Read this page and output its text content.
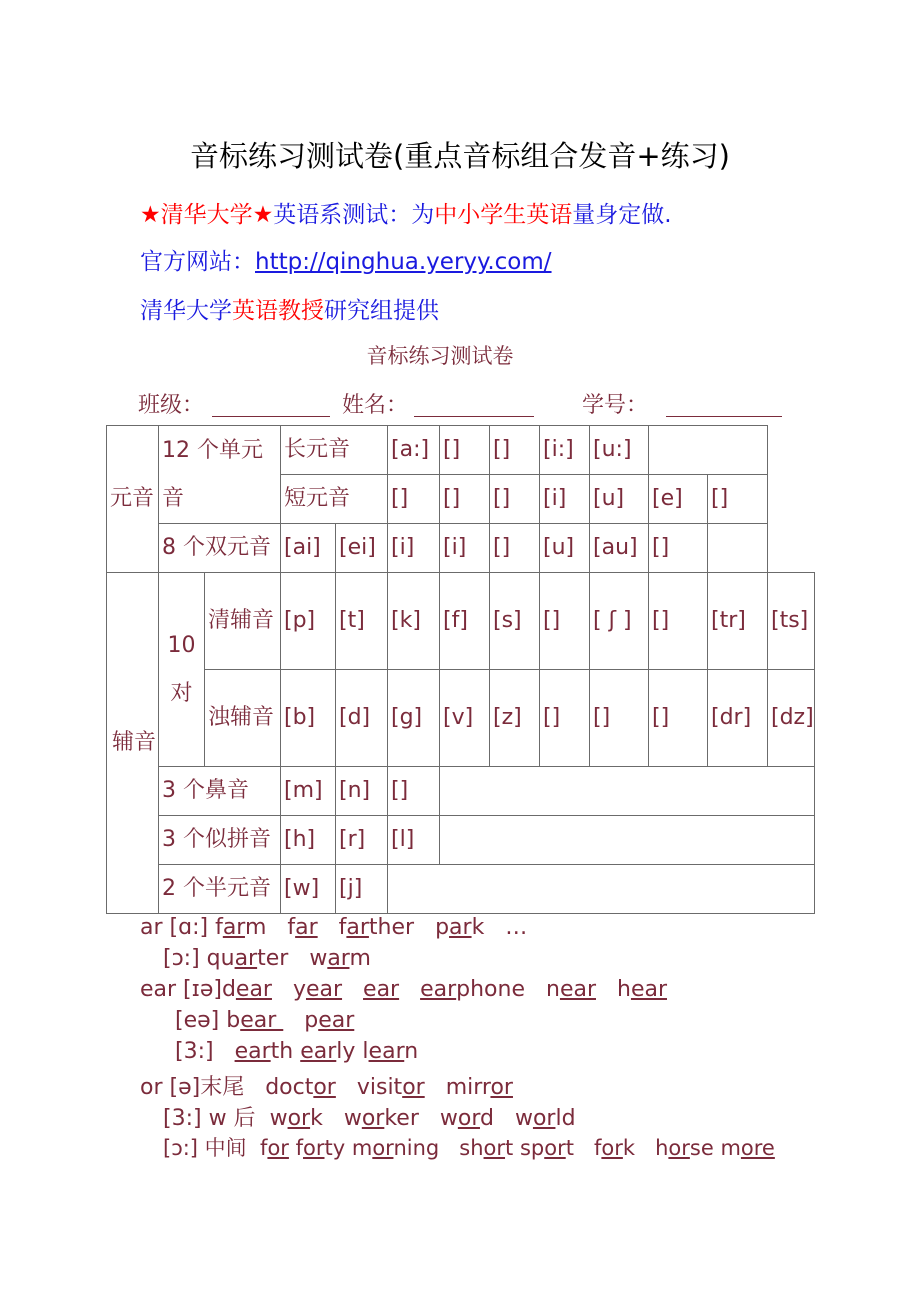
音标练习测试卷(重点音标组合发音+练习)
★清华大学★英语系测试：为中小学生英语量身定做.
官方网站：http://qinghua.yeryy.com/
清华大学英语教授研究组提供
音标练习测试卷
班级：	姓名：	学号：
元音	12 个单元音		长元音		[a:]	[]	[]	[i:]	[u:]			
			短元音		[]	[]	[]	[i]	[u]	[e]	[]	
	8 个双元音		[ai]	[ei]	[i]	[i]	[]	[u]	[au]	[]		
辅音	10 对	清辅音	[p]	[t]	[k]	[f]	[s]	[]	[ ʃ ]	[]	[tr]	[ts]
		浊辅音	[b]	[d]	[g]	[v]	[z]	[]	[]	[]	[dr]	[dz]
	3 个鼻音		[m]	[n]	[]							
	3 个似拼音		[h]	[r]	[l]							
	2 个半元音		[w]	[j]								
ar [ɑ:] farm far farther park …
[ɔ:] quarter warm
ear [ɪə]dear year ear earphone near hear
[eə] bear    pear
[3:]   earth early learn
or [ə]末尾 doctor visitor mirror
[3:] w 后 work worker word world
[ɔ:] 中间 for forty morning short sport fork horse more
